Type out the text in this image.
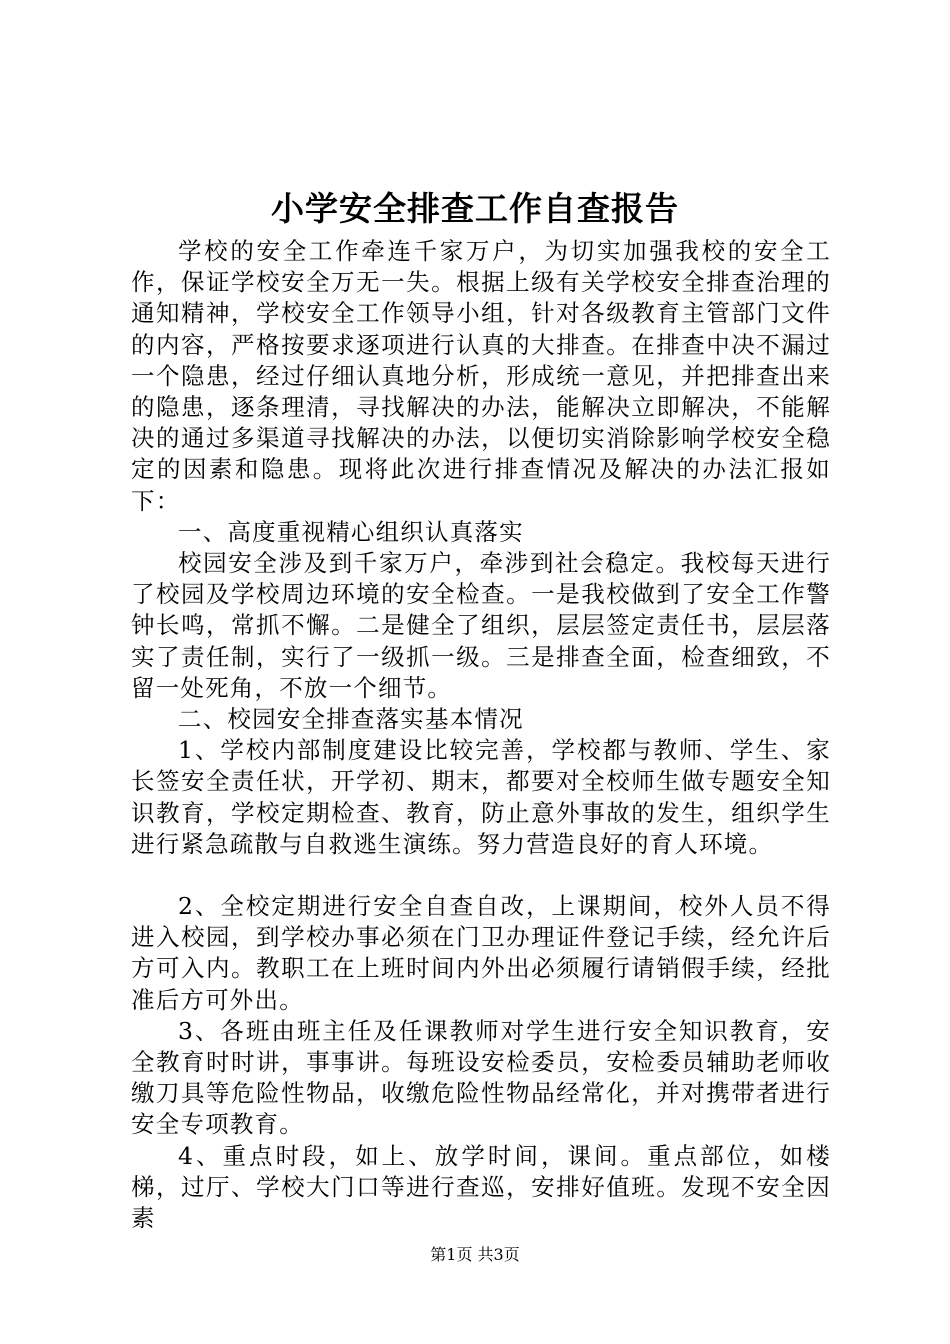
小学安全排查工作自查报告

学校的安全工作牵连千家万户，为切实加强我校的安全工作，保证学校安全万无一失。根据上级有关学校安全排查治理的通知精神，学校安全工作领导小组，针对各级教育主管部门文件的内容，严格按要求逐项进行认真的大排查。在排查中决不漏过一个隐患，经过仔细认真地分析，形成统一意见，并把排查出来的隐患，逐条理清，寻找解决的办法，能解决立即解决，不能解决的通过多渠道寻找解决的办法，以便切实消除影响学校安全稳定的因素和隐患。现将此次进行排查情况及解决的办法汇报如下：

一、高度重视精心组织认真落实

校园安全涉及到千家万户，牵涉到社会稳定。我校每天进行了校园及学校周边环境的安全检查。一是我校做到了安全工作警钟长鸣，常抓不懈。二是健全了组织，层层签定责任书，层层落实了责任制，实行了一级抓一级。三是排查全面，检查细致，不留一处死角，不放一个细节。

二、校园安全排查落实基本情况

1、学校内部制度建设比较完善，学校都与教师、学生、家长签安全责任状，开学初、期末，都要对全校师生做专题安全知识教育，学校定期检查、教育，防止意外事故的发生，组织学生进行紧急疏散与自救逃生演练。努力营造良好的育人环境。

2、全校定期进行安全自查自改，上课期间，校外人员不得进入校园，到学校办事必须在门卫办理证件登记手续，经允许后方可入内。教职工在上班时间内外出必须履行请销假手续，经批准后方可外出。

3、各班由班主任及任课教师对学生进行安全知识教育，安全教育时时讲，事事讲。每班设安检委员，安检委员辅助老师收缴刀具等危险性物品，收缴危险性物品经常化，并对携带者进行安全专项教育。

4、重点时段，如上、放学时间，课间。重点部位，如楼梯，过厅、学校大门口等进行查巡，安排好值班。发现不安全因素

第1页 共3页
